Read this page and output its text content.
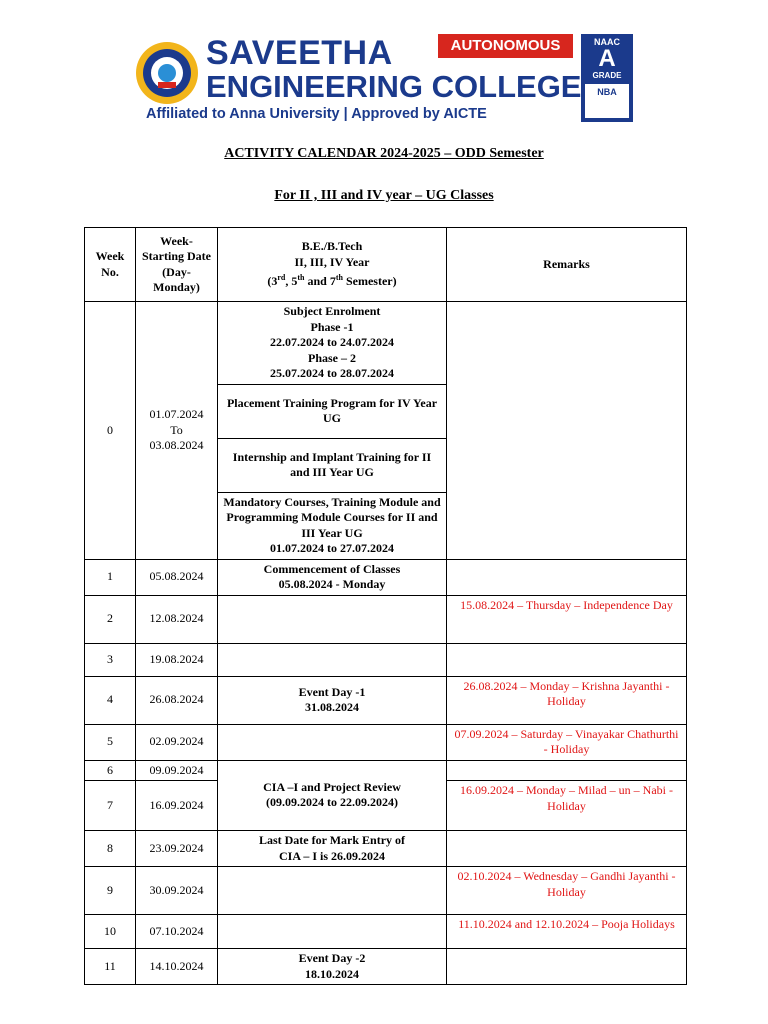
SAVEETHA
ENGINEERING COLLEGE
Affiliated to Anna University | Approved by AICTE
AUTONOMOUS	NAAC
A
GRADE
NBA
ACTIVITY CALENDAR 2024-2025 – ODD Semester
For II , III and IV year – UG Classes
Week No.	Week-Starting Date (Day-Monday)	B.E./B.Tech
II, III, IV Year
(3rd, 5th and 7th Semester)	Remarks
0	01.07.2024
To
03.08.2024	Subject Enrolment
Phase -1
22.07.2024 to 24.07.2024
Phase – 2
25.07.2024 to 28.07.2024	
		Placement Training Program for IV Year UG	
		Internship and Implant Training for II and III Year UG	
		Mandatory Courses, Training Module and Programming Module Courses for II and III Year UG
01.07.2024 to 27.07.2024	
1	05.08.2024	Commencement of Classes
05.08.2024 - Monday	
2	12.08.2024		15.08.2024 – Thursday – Independence Day
3	19.08.2024		
4	26.08.2024	Event Day -1
31.08.2024	26.08.2024 – Monday – Krishna Jayanthi - Holiday
5	02.09.2024		07.09.2024 – Saturday – Vinayakar Chathurthi - Holiday
6	09.09.2024	CIA –I and Project Review
(09.09.2024 to 22.09.2024)	
7	16.09.2024		16.09.2024 – Monday – Milad – un – Nabi - Holiday
8	23.09.2024	Last Date for Mark Entry of
CIA – I is 26.09.2024	
9	30.09.2024		02.10.2024 – Wednesday – Gandhi Jayanthi - Holiday
10	07.10.2024		11.10.2024 and 12.10.2024 – Pooja Holidays
11	14.10.2024	Event Day -2
18.10.2024	
